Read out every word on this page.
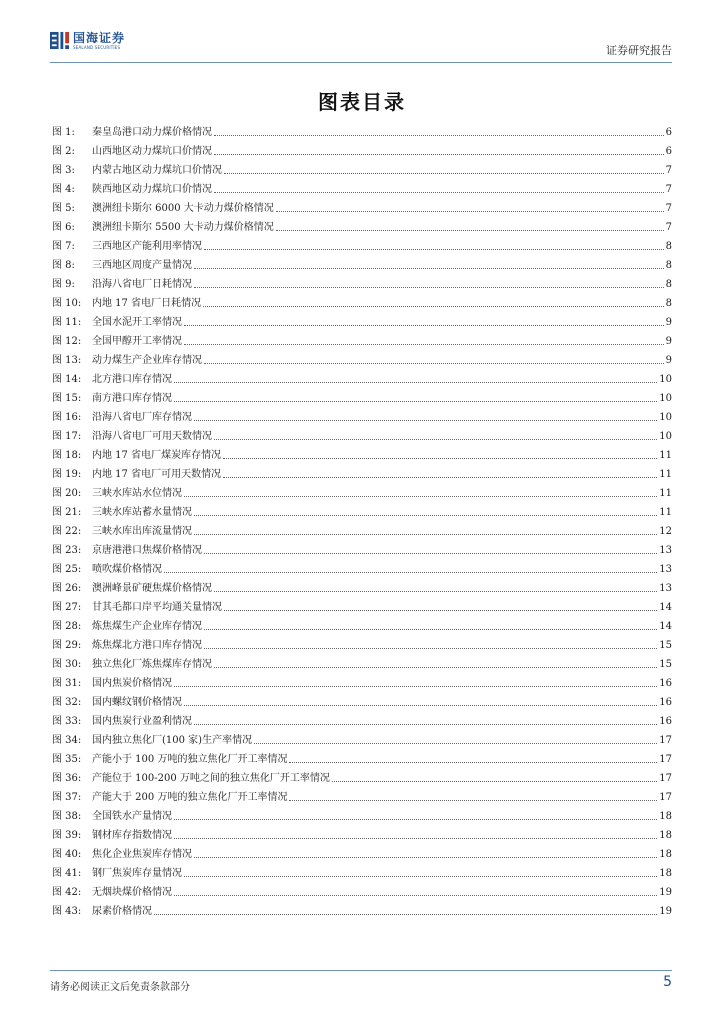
国海证券
SEALAND SECURITIES	证券研究报告
图表目录
图 1:	秦皇岛港口动力煤价格情况	6
图 2:	山西地区动力煤坑口价情况	6
图 3:	内蒙古地区动力煤坑口价情况	7
图 4:	陕西地区动力煤坑口价情况	7
图 5:	澳洲纽卡斯尔 6000 大卡动力煤价格情况	7
图 6:	澳洲纽卡斯尔 5500 大卡动力煤价格情况	7
图 7:	三西地区产能利用率情况	8
图 8:	三西地区周度产量情况	8
图 9:	沿海八省电厂日耗情况	8
图 10:	内地 17 省电厂日耗情况	8
图 11:	全国水泥开工率情况	9
图 12:	全国甲醇开工率情况	9
图 13:	动力煤生产企业库存情况	9
图 14:	北方港口库存情况	10
图 15:	南方港口库存情况	10
图 16:	沿海八省电厂库存情况	10
图 17:	沿海八省电厂可用天数情况	10
图 18:	内地 17 省电厂煤炭库存情况	11
图 19:	内地 17 省电厂可用天数情况	11
图 20:	三峡水库站水位情况	11
图 21:	三峡水库站蓄水量情况	11
图 22:	三峡水库出库流量情况	12
图 23:	京唐港港口焦煤价格情况	13
图 25:	喷吹煤价格情况	13
图 26:	澳洲峰景矿硬焦煤价格情况	13
图 27:	甘其毛都口岸平均通关量情况	14
图 28:	炼焦煤生产企业库存情况	14
图 29:	炼焦煤北方港口库存情况	15
图 30:	独立焦化厂炼焦煤库存情况	15
图 31:	国内焦炭价格情况	16
图 32:	国内螺纹钢价格情况	16
图 33:	国内焦炭行业盈利情况	16
图 34:	国内独立焦化厂(100 家)生产率情况	17
图 35:	产能小于 100 万吨的独立焦化厂开工率情况	17
图 36:	产能位于 100-200 万吨之间的独立焦化厂开工率情况	17
图 37:	产能大于 200 万吨的独立焦化厂开工率情况	17
图 38:	全国铁水产量情况	18
图 39:	钢材库存指数情况	18
图 40:	焦化企业焦炭库存情况	18
图 41:	钢厂焦炭库存量情况	18
图 42:	无烟块煤价格情况	19
图 43:	尿素价格情况	19
请务必阅读正文后免责条款部分	5
